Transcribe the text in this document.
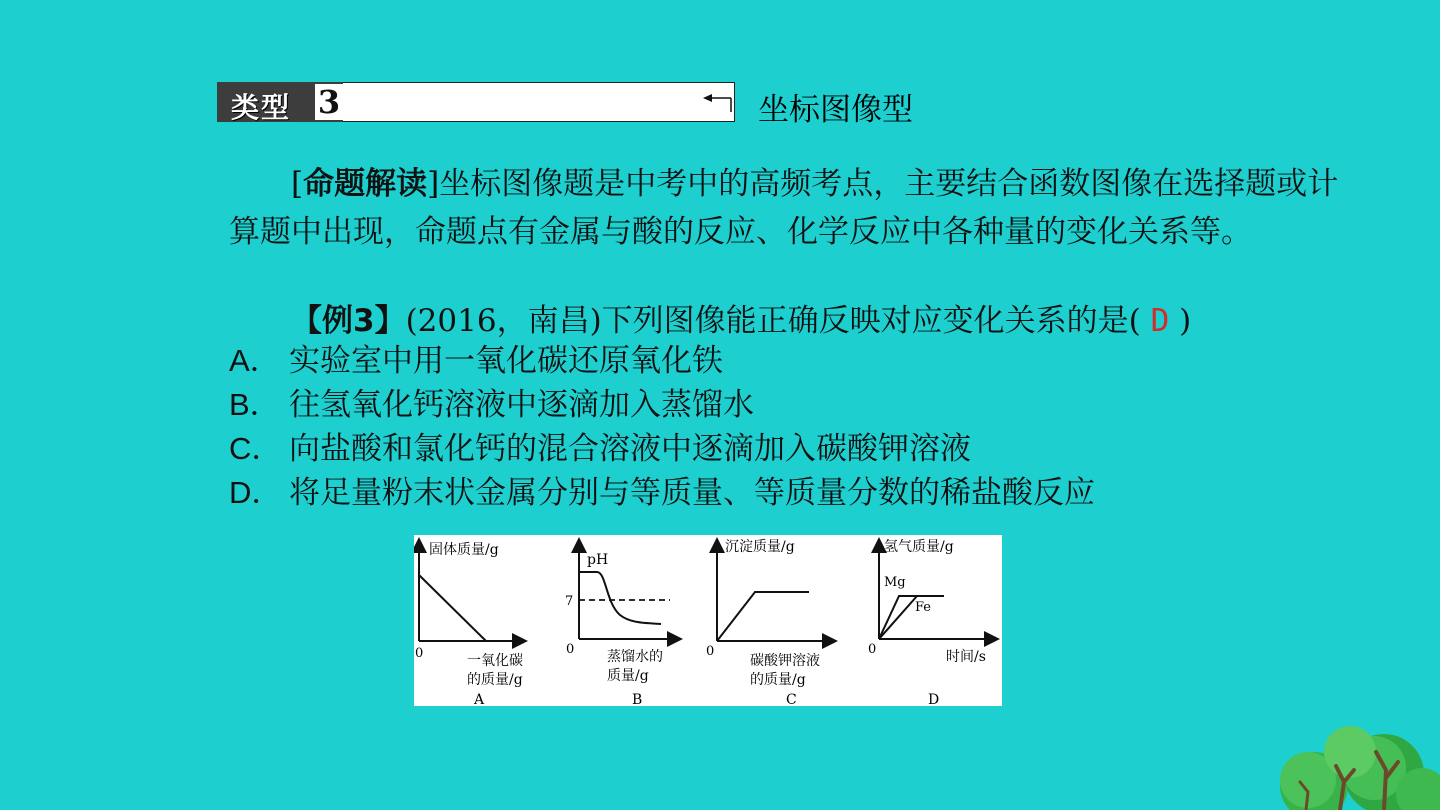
类型 3	坐标图像型
[命题解读]坐标图像题是中考中的高频考点，主要结合函数图像在选择题或计算题中出现，命题点有金属与酸的反应、化学反应中各种量的变化关系等。
【例3】(2016，南昌)下列图像能正确反映对应变化关系的是( D )
A． 实验室中用一氧化碳还原氧化铁
B． 往氢氧化钙溶液中逐滴加入蒸馏水
C． 向盐酸和氯化钙的混合溶液中逐滴加入碳酸钾溶液
D． 将足量粉末状金属分别与等质量、等质量分数的稀盐酸反应
固体质量/g
0	一氧化碳
的质量/g
A
pH
7
0 蒸馏水的
质量/g
B
沉淀质量/g
0
碳酸钾溶液
的质量/g
C
氢气质量/g
Mg
Fe
0	时间/s
D
